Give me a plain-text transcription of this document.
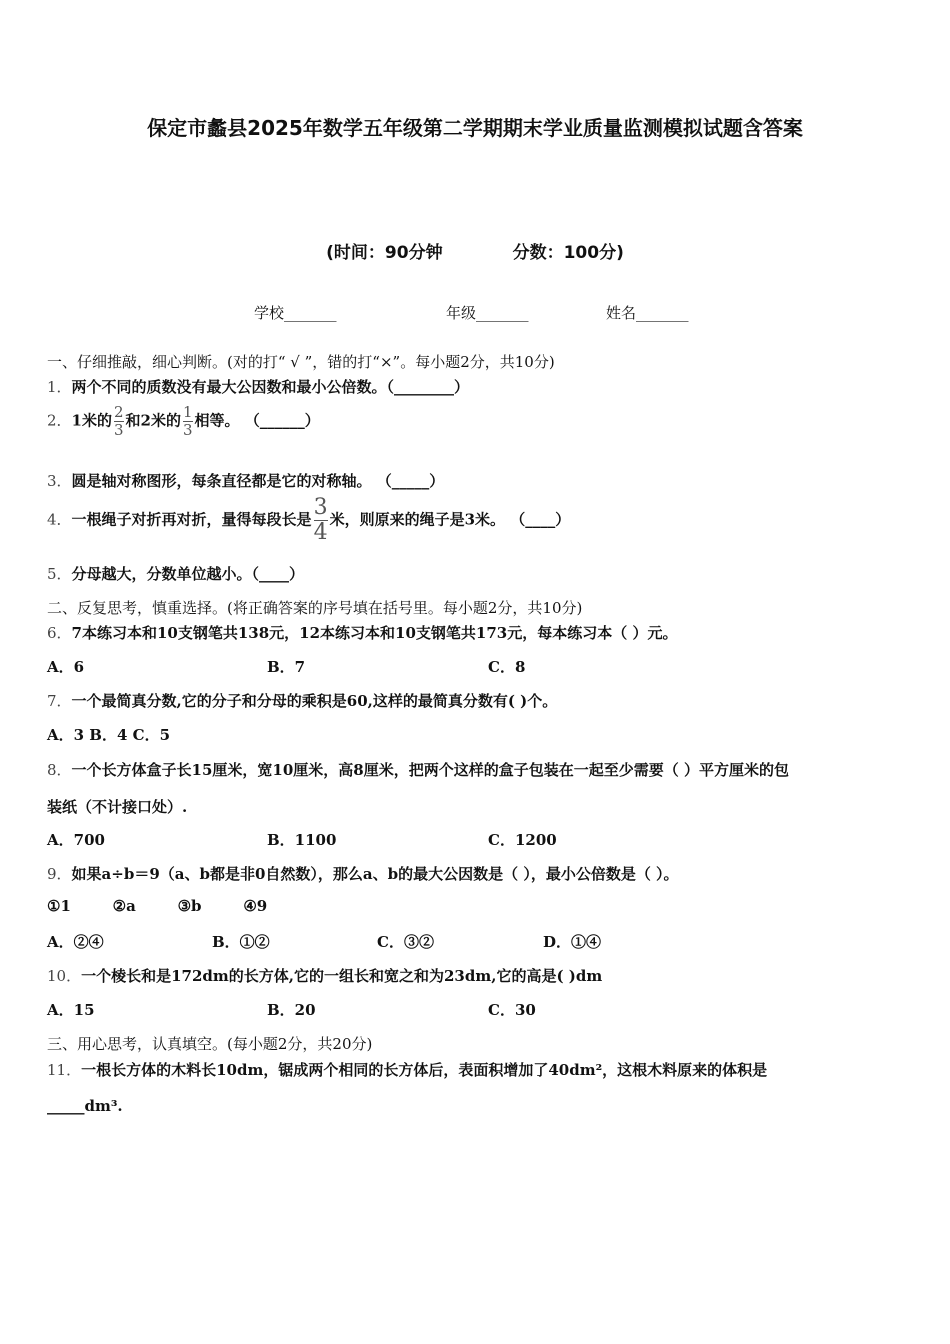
保定市蠡县2025年数学五年级第二学期期末学业质量监测模拟试题含答案
(时间：90分钟	分数：100分)
学校_______	年级_______	姓名_______
一、仔细推敲，细心判断。(对的打“ √ ”，错的打“×”。每小题2分，共10分)
1．两个不同的质数没有最大公因数和最小公倍数。（________）
2．1米的 $\frac{2}{3}$ 和2米的 $\frac{1}{3}$ 相等。 （______）
3．圆是轴对称图形，每条直径都是它的对称轴。 （_____）
4．一根绳子对折再对折，量得每段长是 $\frac{3}{4}$ 米，则原来的绳子是3米。 （____）
5．分母越大，分数单位越小。（____）
二、反复思考，慎重选择。(将正确答案的序号填在括号里。每小题2分，共10分)
6．7本练习本和10支钢笔共138元，12本练习本和10支钢笔共173元，每本练习本（ ）元。
A．6	B．7	C．8
7．一个最简真分数,它的分子和分母的乘积是60,这样的最简真分数有( )个。
A．3 B．4 C．5
8．一个长方体盒子长15厘米，宽10厘米，高8厘米，把两个这样的盒子包装在一起至少需要（ ）平方厘米的包
装纸（不计接口处）.
A．700	B．1100	C．1200
9．如果a÷b＝9（a、b都是非0自然数），那么a、b的最大公因数是（ ），最小公倍数是（ ）。
①1        ②a        ③b        ④9
A．②④	B．①②	C．③②	D．①④
10．一个棱长和是172dm的长方体,它的一组长和宽之和为23dm,它的高是( )dm
A．15	B．20	C．30
三、用心思考，认真填空。(每小题2分，共20分)
11．一根长方体的木料长10dm，锯成两个相同的长方体后，表面积增加了40dm²，这根木料原来的体积是
_____dm³.
